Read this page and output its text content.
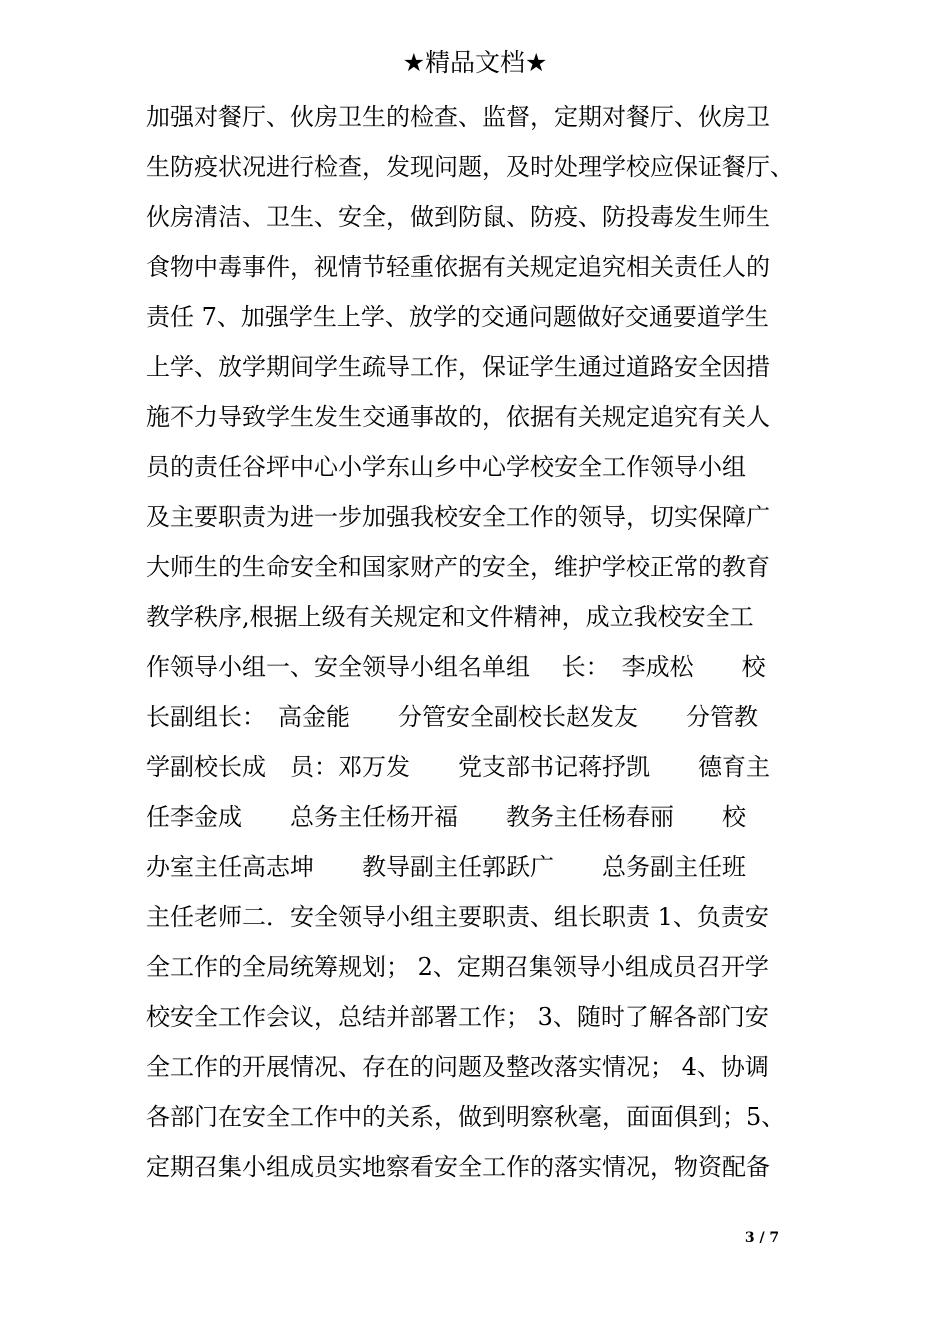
★精品文档★
加强对餐厅、伙房卫生的检查、监督，定期对餐厅、伙房卫
生防疫状况进行检查，发现问题，及时处理学校应保证餐厅、
伙房清洁、卫生、安全，做到防鼠、防疫、防投毒发生师生
食物中毒事件，视情节轻重依据有关规定追究相关责任人的
责任 7、加强学生上学、放学的交通问题做好交通要道学生
上学、放学期间学生疏导工作，保证学生通过道路安全因措
施不力导致学生发生交通事故的，依据有关规定追究有关人
员的责任谷坪中心小学东山乡中心学校安全工作领导小组
及主要职责为进一步加强我校安全工作的领导，切实保障广
大师生的生命安全和国家财产的安全，维护学校正常的教育
教学秩序,根据上级有关规定和文件精神，成立我校安全工
作领导小组一、安全领导小组名单组　 长：　李成松　　校
长副组长：　高金能　　分管安全副校长赵发友　　分管教
学副校长成　员：邓万发　　党支部书记蒋抒凯　　德育主
任李金成　　总务主任杨开福　　教务主任杨春丽　　校
办室主任高志坤　　教导副主任郭跃广　　总务副主任班
主任老师二．安全领导小组主要职责、组长职责 1、负责安
全工作的全局统筹规划； 2、定期召集领导小组成员召开学
校安全工作会议，总结并部署工作； 3、随时了解各部门安
全工作的开展情况、存在的问题及整改落实情况； 4、协调
各部门在安全工作中的关系，做到明察秋毫，面面俱到；5、
定期召集小组成员实地察看安全工作的落实情况，物资配备
3 / 7
